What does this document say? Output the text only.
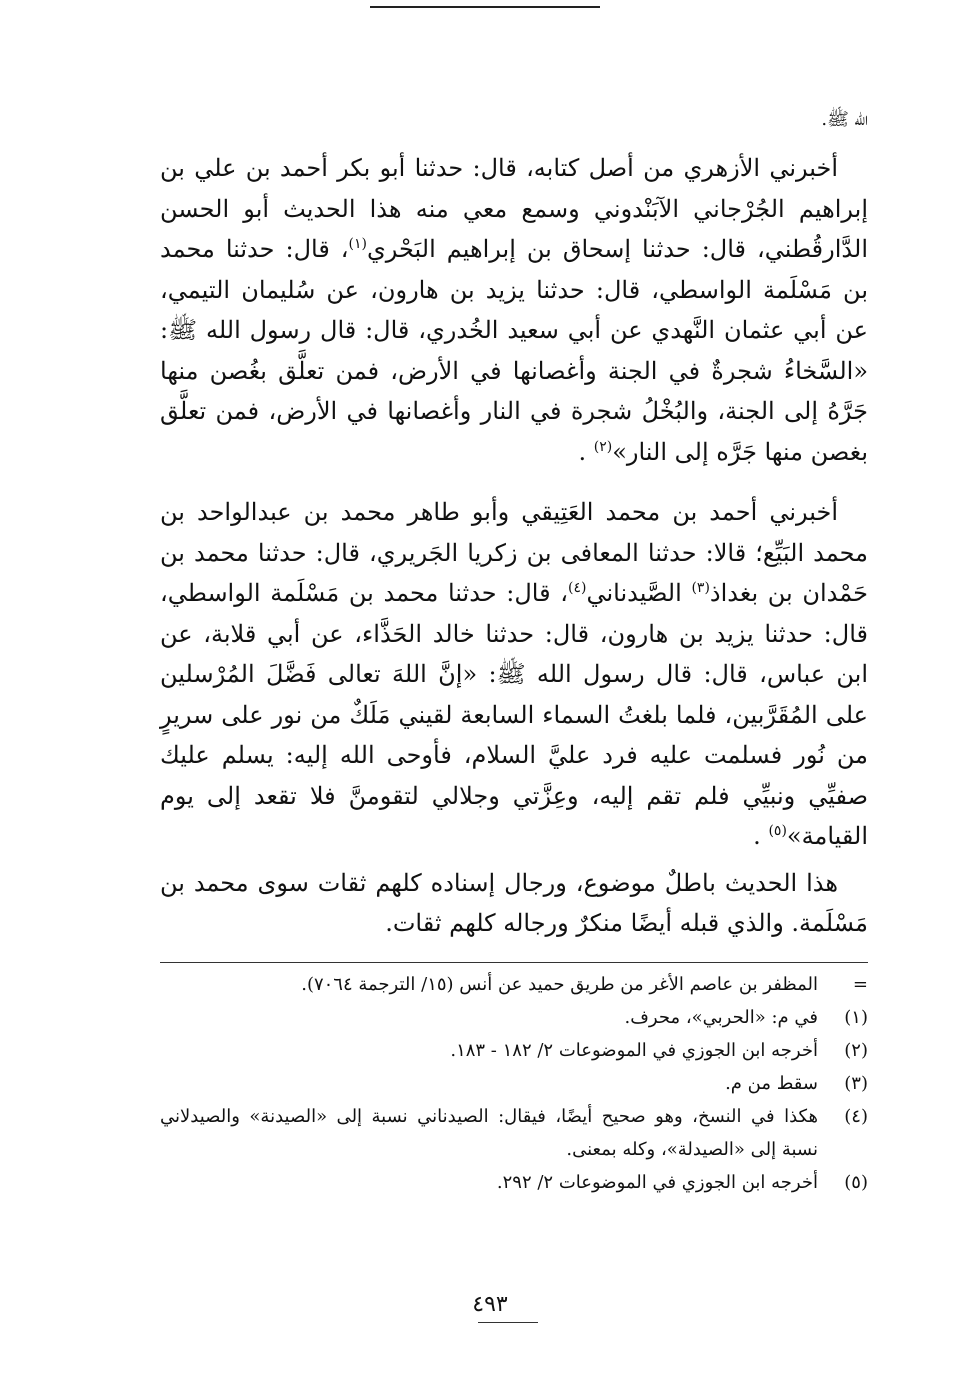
الله ﷺ.

أخبرني الأزهري من أصل كتابه، قال: حدثنا أبو بكر أحمد بن علي بن إبراهيم الجُرْجاني الآبَنْدوني وسمع معي منه هذا الحديث أبو الحسن الدَّارقُطني، قال: حدثنا إسحاق بن إبراهيم البَحْري$^{(١)}$، قال: حدثنا محمد بن مَسْلَمة الواسطي، قال: حدثنا يزيد بن هارون، عن سُليمان التيمي، عن أبي عثمان النَّهدي عن أبي سعيد الخُدري، قال: قال رسول الله ﷺ: «السَّخاءُ شجرةٌ في الجنة وأغصانها في الأرض، فمن تعلَّق بغُصن منها جَرَّهُ إلى الجنة، والبُخْلُ شجرة في النار وأغصانها في الأرض، فمن تعلَّق بغصن منها جَرَّه إلى النار»$^{(٢)}$ .

أخبرني أحمد بن محمد العَتِيقي وأبو طاهر محمد بن عبدالواحد بن محمد البَيِّع؛ قالا: حدثنا المعافى بن زكريا الجَريري، قال: حدثنا محمد بن حَمْدان بن بغداذ$^{(٣)}$ الصَّيدناني$^{(٤)}$، قال: حدثنا محمد بن مَسْلَمة الواسطي، قال: حدثنا يزيد بن هارون، قال: حدثنا خالد الحَذَّاء، عن أبي قلابة، عن ابن عباس، قال: قال رسول الله ﷺ: «إنَّ اللهَ تعالى فَضَّلَ المُرْسلين على المُقَرَّبين، فلما بلغتُ السماء السابعة لقيني مَلَكٌ من نور على سريرٍ من نُور فسلمت عليه فرد عليَّ السلام، فأوحى الله إليه: يسلم عليك صفيِّي ونبيِّي فلم تقم إليه، وعِزَّتي وجلالي لتقومنَّ فلا تقعد إلى يوم القيامة»$^{(٥)}$ .

هذا الحديث باطلٌ موضوع، ورجال إسناده كلهم ثقات سوى محمد بن مَسْلَمة. والذي قبله أيضًا منكرٌ ورجاله كلهم ثقات.

=
المظفر بن عاصم الأغر من طريق حميد عن أنس (١٥/ الترجمة ٧٠٦٤).
(١)
في م: «الحربي»، محرف.
(٢)
أخرجه ابن الجوزي في الموضوعات ٢/ ١٨٢ - ١٨٣.
(٣)
سقط من م.
(٤)
هكذا في النسخ، وهو صحيح أيضًا، فيقال: الصيدناني نسبة إلى «الصيدنة» والصيدلاني نسبة إلى «الصيدلة»، وكله بمعنى.
(٥)
أخرجه ابن الجوزي في الموضوعات ٢/ ٢٩٢.
٤٩٣
